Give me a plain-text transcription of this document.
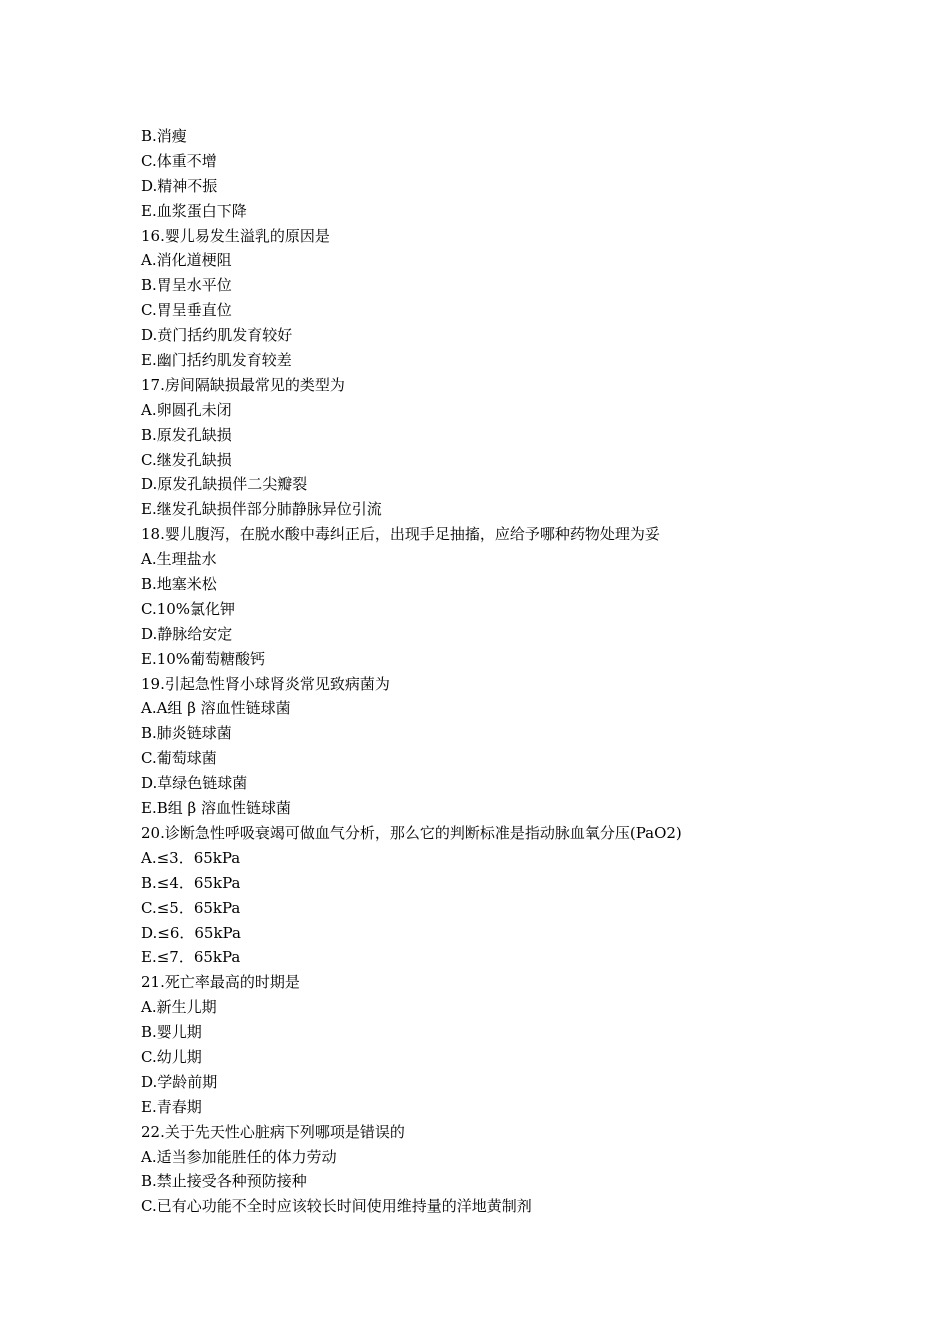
B.消瘦
C.体重不增
D.精神不振
E.血浆蛋白下降
16.婴儿易发生溢乳的原因是
A.消化道梗阻
B.胃呈水平位
C.胃呈垂直位
D.贲门括约肌发育较好
E.幽门括约肌发育较差
17.房间隔缺损最常见的类型为
A.卵圆孔未闭
B.原发孔缺损
C.继发孔缺损
D.原发孔缺损伴二尖瓣裂
E.继发孔缺损伴部分肺静脉异位引流
18.婴儿腹泻，在脱水酸中毒纠正后，出现手足抽搐，应给予哪种药物处理为妥
A.生理盐水
B.地塞米松
C.10%氯化钾
D.静脉给安定
E.10%葡萄糖酸钙
19.引起急性肾小球肾炎常见致病菌为
A.A组 β 溶血性链球菌
B.肺炎链球菌
C.葡萄球菌
D.草绿色链球菌
E.B组 β 溶血性链球菌
20.诊断急性呼吸衰竭可做血气分析，那么它的判断标准是指动脉血氧分压(PaO2)
A.≤3．65kPa
B.≤4．65kPa
C.≤5．65kPa
D.≤6．65kPa
E.≤7．65kPa
21.死亡率最高的时期是
A.新生儿期
B.婴儿期
C.幼儿期
D.学龄前期
E.青春期
22.关于先天性心脏病下列哪项是错误的
A.适当参加能胜任的体力劳动
B.禁止接受各种预防接种
C.已有心功能不全时应该较长时间使用维持量的洋地黄制剂
